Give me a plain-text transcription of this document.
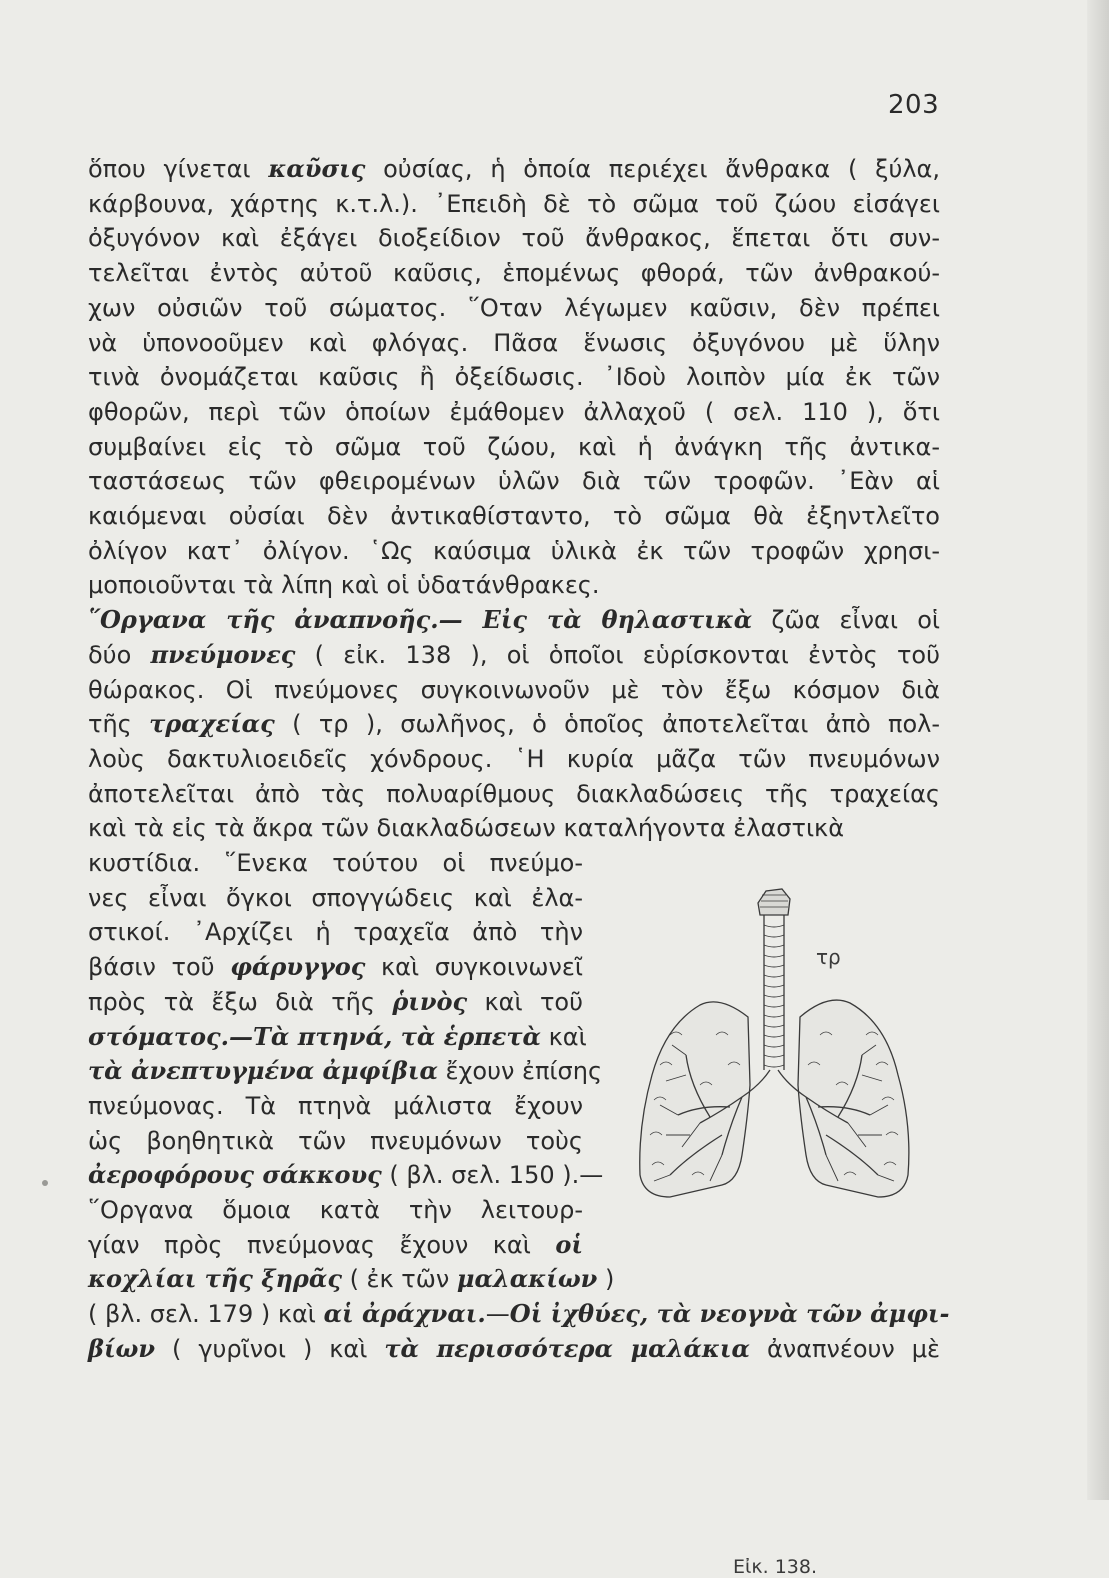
203
ὅπου γίνεται καῦσις οὐσίας, ἡ ὁποία περιέχει ἄνθρακα ( ξύλα,
κάρβουνα, χάρτης κ.τ.λ.). ᾽Επειδὴ δὲ τὸ σῶμα τοῦ ζώου εἰσάγει
ὀξυγόνον καὶ ἐξάγει διοξείδιον τοῦ ἄνθρακος, ἕπεται ὅτι συν-
τελεῖται ἐντὸς αὐτοῦ καῦσις, ἑπομένως φθορά, τῶν ἀνθρακού-
χων οὐσιῶν τοῦ σώματος. ῞Οταν λέγωμεν καῦσιν, δὲν πρέπει
νὰ ὑπονοοῦμεν καὶ φλόγας. Πᾶσα ἕνωσις ὀξυγόνου μὲ ὕλην
τινὰ ὀνομάζεται καῦσις ἢ ὀξείδωσις. ᾽Ιδοὺ λοιπὸν μία ἐκ τῶν
φθορῶν, περὶ τῶν ὁποίων ἐμάθομεν ἀλλαχοῦ ( σελ. 110 ), ὅτι
συμβαίνει εἰς τὸ σῶμα τοῦ ζώου, καὶ ἡ ἀνάγκη τῆς ἀντικα-
ταστάσεως τῶν φθειρομένων ὑλῶν διὰ τῶν τροφῶν. ᾽Εὰν αἱ
καιόμεναι οὐσίαι δὲν ἀντικαθίσταντο, τὸ σῶμα θὰ ἐξηντλεῖτο
ὀλίγον κατ᾽ ὀλίγον. ῾Ως καύσιμα ὑλικὰ ἐκ τῶν τροφῶν χρησι-
μοποιοῦνται τὰ λίπη καὶ οἱ ὑδατάνθρακες.
῞Οργανα τῆς ἀναπνοῆς.— Εἰς τὰ θηλαστικὰ ζῶα εἶναι οἱ
δύο πνεύμονες ( εἰκ. 138 ), οἱ ὁποῖοι εὑρίσκονται ἐντὸς τοῦ
θώρακος. Οἱ πνεύμονες συγκοινωνοῦν μὲ τὸν ἔξω κόσμον διὰ
τῆς τραχείας ( τρ ), σωλῆνος, ὁ ὁποῖος ἀποτελεῖται ἀπὸ πολ-
λοὺς δακτυλιοειδεῖς χόνδρους. ῾Η κυρία μᾶζα τῶν πνευμόνων
ἀποτελεῖται ἀπὸ τὰς πολυαρίθμους διακλαδώσεις τῆς τραχείας
καὶ τὰ εἰς τὰ ἄκρα τῶν διακλαδώσεων καταλήγοντα ἐλαστικὰ
κυστίδια. ῞Ενεκα τούτου οἱ πνεύμο-
νες εἶναι ὄγκοι σπογγώδεις καὶ ἐλα-
στικοί. ᾽Αρχίζει ἡ τραχεῖα ἀπὸ τὴν
βάσιν τοῦ φάρυγγος καὶ συγκοινωνεῖ
πρὸς τὰ ἔξω διὰ τῆς ῥινὸς καὶ τοῦ
στόματος.—Τὰ πτηνά, τὰ ἑρπετὰ καὶ
τὰ ἀνεπτυγμένα ἀμφίβια ἔχουν ἐπίσης
πνεύμονας. Τὰ πτηνὰ μάλιστα ἔχουν
ὡς βοηθητικὰ τῶν πνευμόνων τοὺς
ἀεροφόρους σάκκους ( βλ. σελ. 150 ).—
῞Οργανα ὅμοια κατὰ τὴν λειτουρ-
γίαν πρὸς πνεύμονας ἔχουν καὶ οἱ
κοχλίαι τῆς ξηρᾶς ( ἐκ τῶν μαλακίων )
( βλ. σελ. 179 ) καὶ αἱ ἀράχναι.—Οἱ ἰχθύες, τὰ νεογνὰ τῶν ἀμφι-
βίων ( γυρῖνοι ) καὶ τὰ περισσότερα μαλάκια ἀναπνέουν μὲ
τρ
Εἰκ. 138.
